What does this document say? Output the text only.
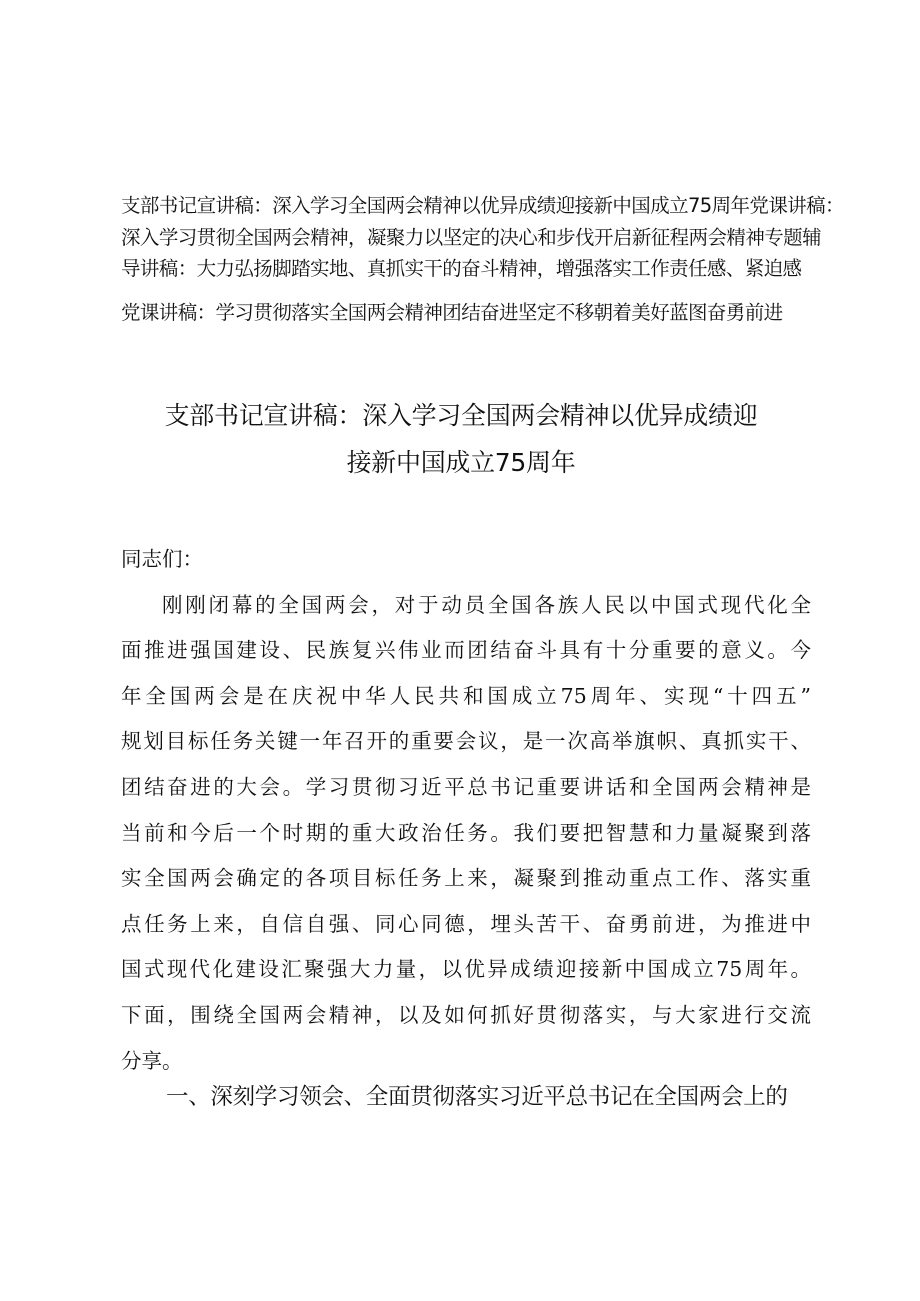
支部书记宣讲稿：深入学习全国两会精神以优异成绩迎接新中国成立75周年党课讲稿：

深入学习贯彻全国两会精神，凝聚力以坚定的决心和步伐开启新征程两会精神专题辅

导讲稿：大力弘扬脚踏实地、真抓实干的奋斗精神，增强落实工作责任感、紧迫感

党课讲稿：学习贯彻落实全国两会精神团结奋进坚定不移朝着美好蓝图奋勇前进

支部书记宣讲稿：深入学习全国两会精神以优异成绩迎
接新中国成立75周年

同志们：

刚刚闭幕的全国两会，对于动员全国各族人民以中国式现代化全
面推进强国建设、民族复兴伟业而团结奋斗具有十分重要的意义。今
年全国两会是在庆祝中华人民共和国成立75周年、实现“十四五”
规划目标任务关键一年召开的重要会议，是一次高举旗帜、真抓实干、
团结奋进的大会。学习贯彻习近平总书记重要讲话和全国两会精神是
当前和今后一个时期的重大政治任务。我们要把智慧和力量凝聚到落
实全国两会确定的各项目标任务上来，凝聚到推动重点工作、落实重
点任务上来，自信自强、同心同德，埋头苦干、奋勇前进，为推进中
国式现代化建设汇聚强大力量，以优异成绩迎接新中国成立75周年。
下面，围绕全国两会精神，以及如何抓好贯彻落实，与大家进行交流
分享。
一、深刻学习领会、全面贯彻落实习近平总书记在全国两会上的
